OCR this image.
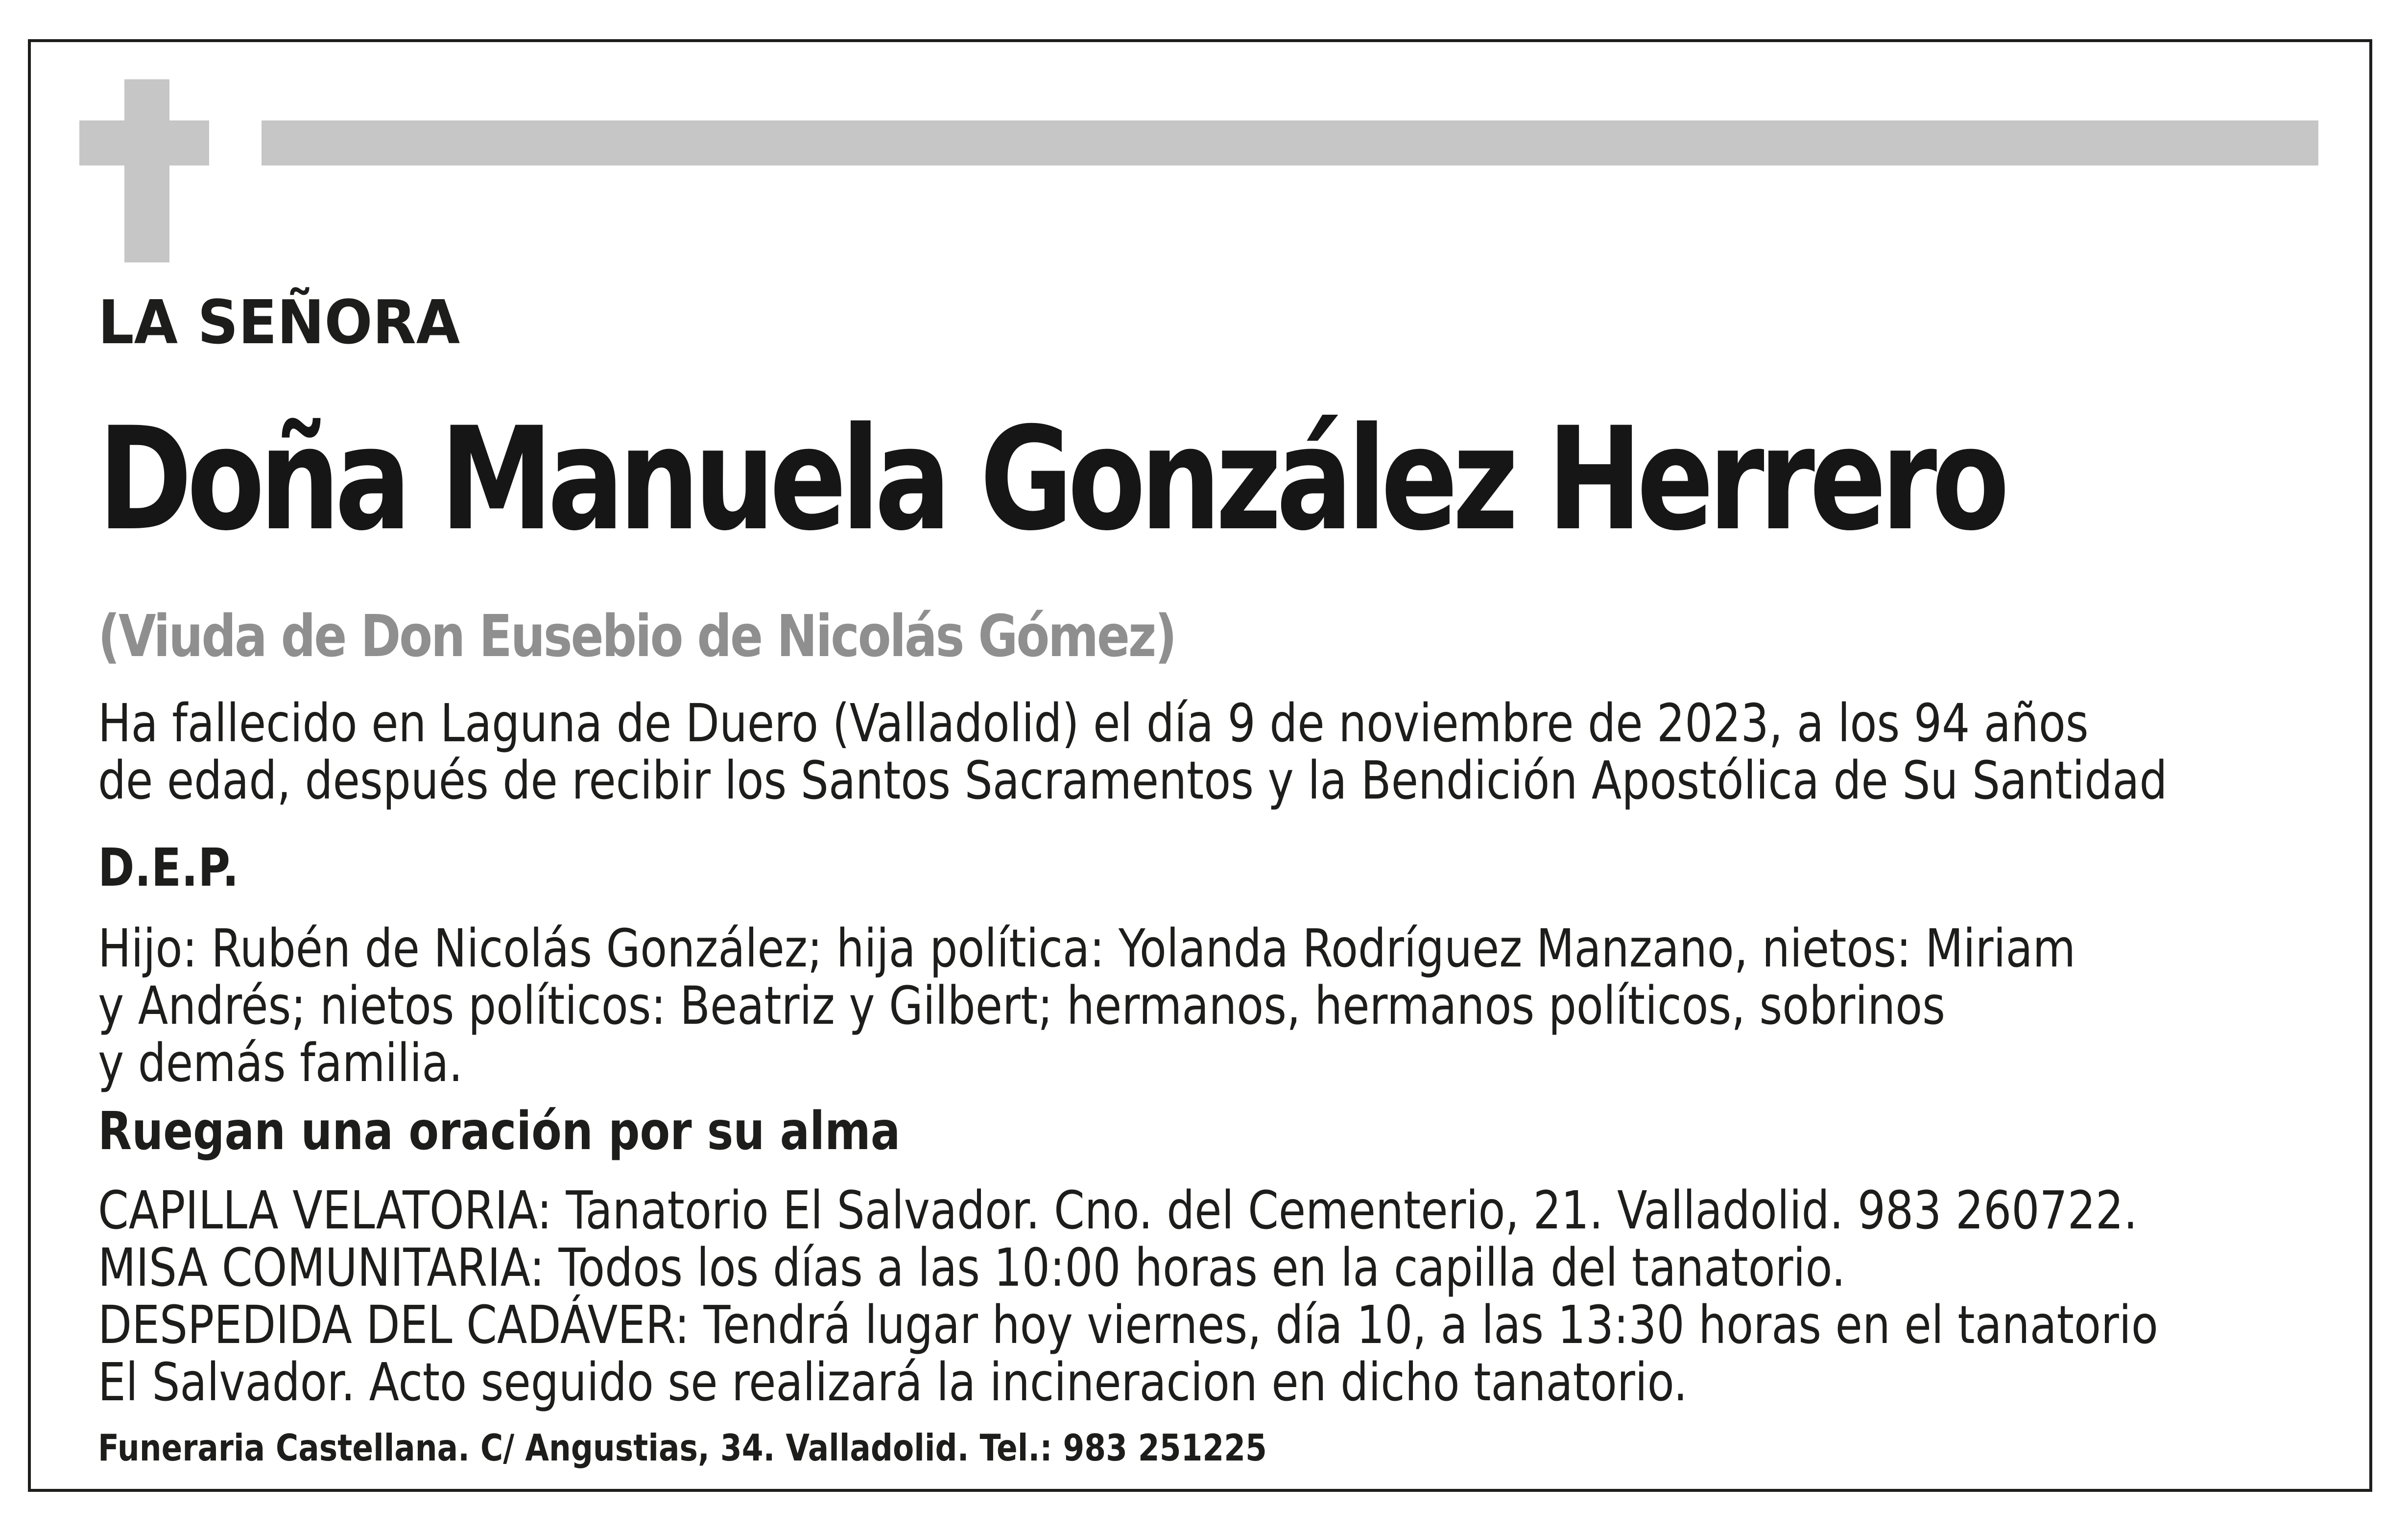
LA SEÑORA

Doña Manuela González Herrero

(Viuda de Don Eusebio de Nicolás Gómez)

Ha fallecido en Laguna de Duero (Valladolid) el día 9 de noviembre de 2023, a los 94 años
de edad, después de recibir los Santos Sacramentos y la Bendición Apostólica de Su Santidad

D.E.P.

Hijo: Rubén de Nicolás González; hija política: Yolanda Rodríguez Manzano, nietos: Miriam
y Andrés; nietos políticos: Beatriz y Gilbert; hermanos, hermanos políticos, sobrinos
y demás familia.

Ruegan una oración por su alma

CAPILLA VELATORIA: Tanatorio El Salvador. Cno. del Cementerio, 21. Valladolid. 983 260722.
MISA COMUNITARIA: Todos los días a las 10:00 horas en la capilla del tanatorio.
DESPEDIDA DEL CADÁVER: Tendrá lugar hoy viernes, día 10, a las 13:30 horas en el tanatorio
El Salvador. Acto seguido se realizará la incineracion en dicho tanatorio.

Funeraria Castellana. C/ Angustias, 34. Valladolid. Tel.: 983 251225
